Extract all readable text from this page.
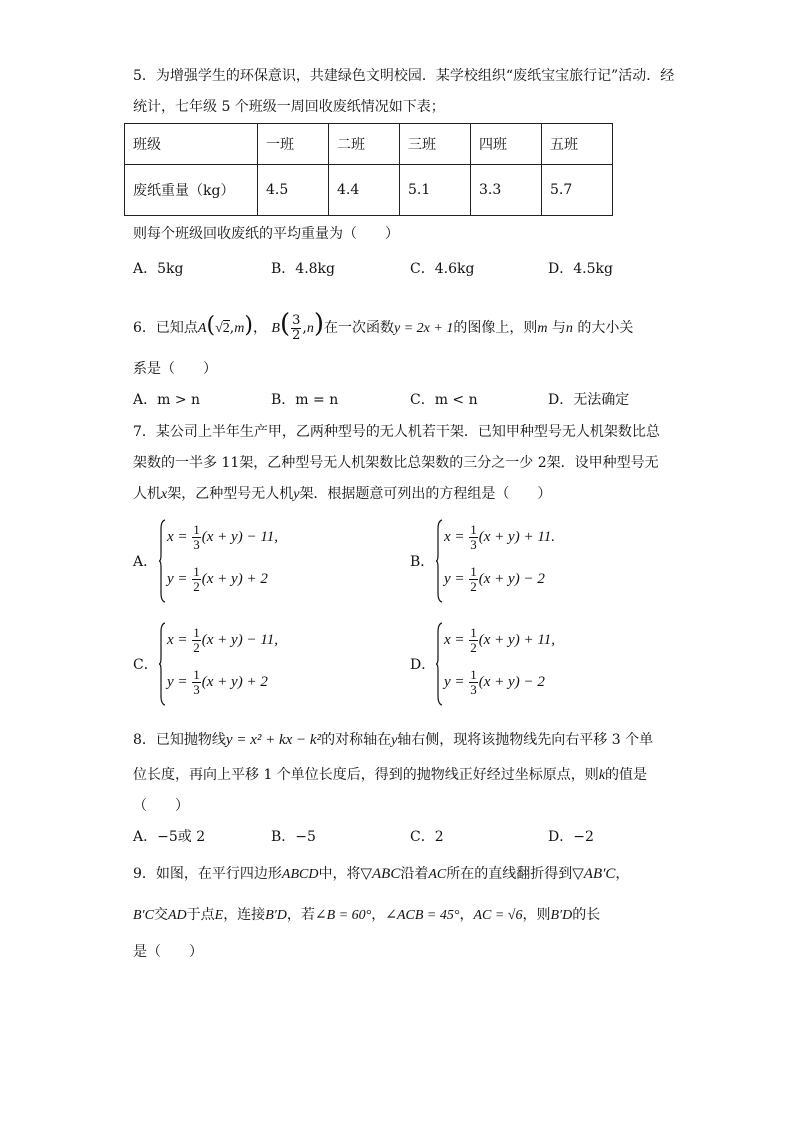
5．为增强学生的环保意识，共建绿色文明校园．某学校组织“废纸宝宝旅行记”活动．经
统计，七年级 5 个班级一周回收废纸情况如下表；
班级	一班	二班	三班	四班	五班
废纸重量（kg）	4.5	4.4	5.1	3.3	5.7
则每个班级回收废纸的平均重量为（　　）
A．5kg	B．4.8kg	C．4.6kg	D．4.5kg
6．已知点A(√2,m)， $B( \frac{3}{2} ,n)$在一次函数y = 2x + 1的图像上，则m 与n 的大小关
系是（　　）
A．m > n	B．m = n	C．m < n	D．无法确定
7．某公司上半年生产甲，乙两种型号的无人机若干架．已知甲种型号无人机架数比总
架数的一半多 11架，乙种型号无人机架数比总架数的三分之一少 2架．设甲种型号无
人机x架，乙种型号无人机y架．根据题意可列出的方程组是（　　）
A．
$x = \frac{1}{3} (x + y) - 11$,
$y = \frac{1}{2} (x + y) + 2$
B．
$x = \frac{1}{3} (x + y) + 11$.
$y = \frac{1}{2} (x + y) - 2$
C．
$x = \frac{1}{2} (x + y) - 11$,
$y = \frac{1}{3} (x + y) + 2$
D．
$x = \frac{1}{2} (x + y) + 11$,
$y = \frac{1}{3} (x + y) - 2$
8．已知抛物线y = x² + kx − k²的对称轴在y轴右侧，现将该抛物线先向右平移 3 个单
位长度，再向上平移 1 个单位长度后，得到的抛物线正好经过坐标原点，则k的值是
（　　）
A．−5或 2	B．−5	C．2	D．−2
9．如图，在平行四边形ABCD中，将▽ABC沿着AC所在的直线翻折得到▽AB′C，
B′C交AD于点E，连接B′D，若∠B = 60°，∠ACB = 45°，AC = √6，则B′D的长
是（　　）
